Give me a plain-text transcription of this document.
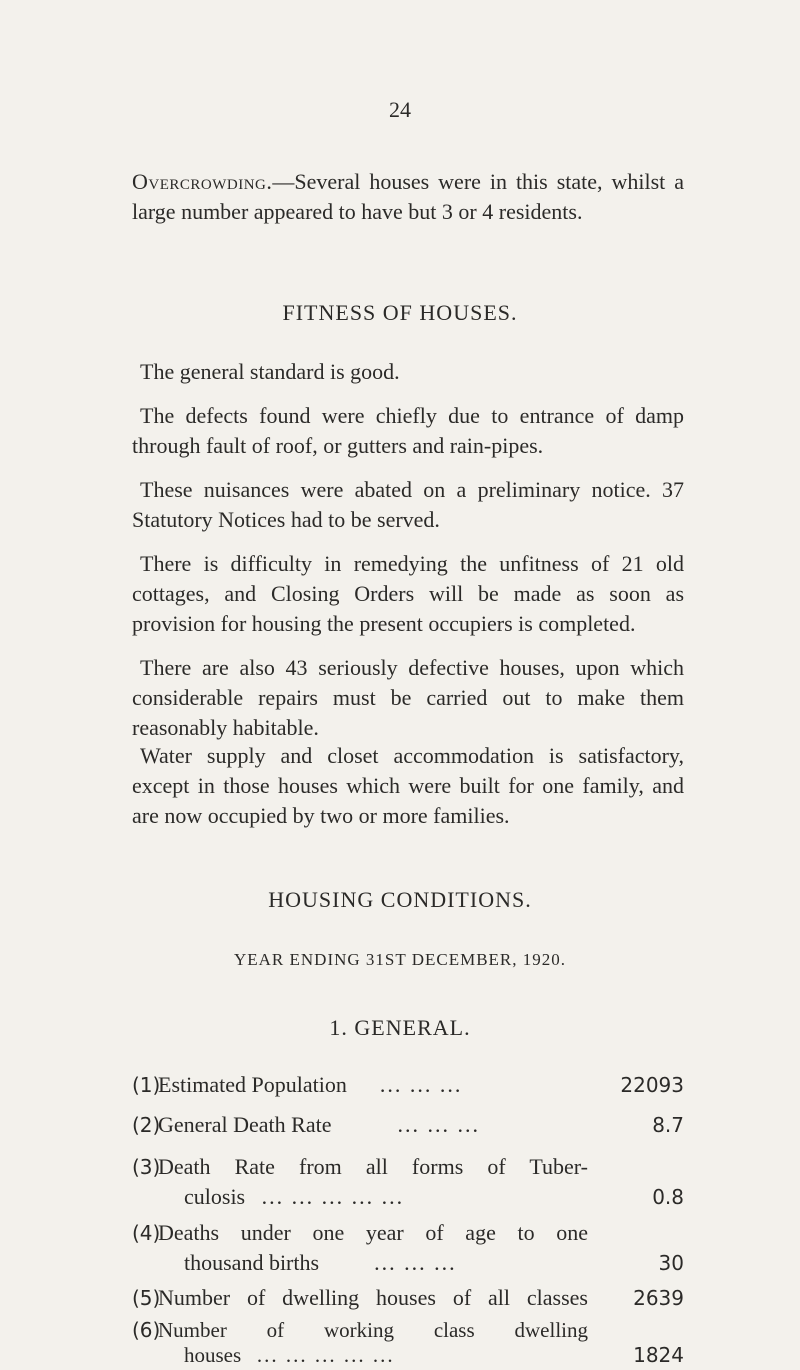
24
Overcrowding.—Several houses were in this state, whilst a large number appeared to have but 3 or 4 residents.
FITNESS OF HOUSES.

The general standard is good.

The defects found were chiefly due to entrance of damp through fault of roof, or gutters and rain-pipes.

These nuisances were abated on a preliminary notice. 37 Statutory Notices had to be served.

There is difficulty in remedying the unfitness of 21 old cottages, and Closing Orders will be made as soon as provision for housing the present occupiers is completed.

There are also 43 seriously defective houses, upon which considerable repairs must be carried out to make them reasonably habitable.

Water supply and closet accommodation is satisfactory, except in those houses which were built for one family, and are now occupied by two or more families.

HOUSING CONDITIONS.
YEAR ENDING 31ST DECEMBER, 1920.
1. GENERAL.
(1)
Estimated Population ... ... ...	22093
(2)
General Death Rate	... ... ...	8.7
(3)
Death Rate from all forms of Tuber-
culosis ... ... ... ... ...	0.8
(4)
Deaths under one year of age to one
thousand births	... ... ...	30
(5)
Number of dwelling houses of all classes 2639
(6)
Number of working class dwelling
houses ... ... ... ... ...	1824
